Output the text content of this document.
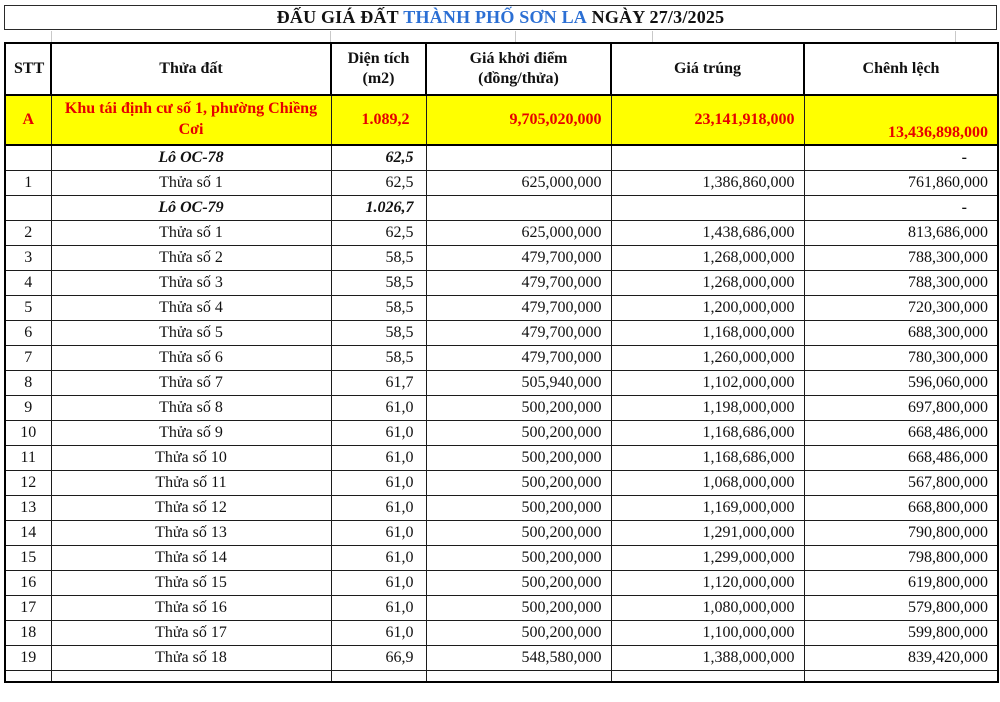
ĐẤU GIÁ ĐẤT THÀNH PHỐ SƠN LA NGÀY 27/3/2025
STT	Thửa đất	Diện tích (m2)	Giá khởi điểm (đồng/thửa)	Giá trúng	Chênh lệch
A	Khu tái định cư số 1, phường Chiềng Cơi	1.089,2	9,705,020,000	23,141,918,000	13,436,898,000
	Lô OC-78	62,5			-
1	Thửa số 1	62,5	625,000,000	1,386,860,000	761,860,000
	Lô OC-79	1.026,7			-
2	Thửa số 1	62,5	625,000,000	1,438,686,000	813,686,000
3	Thửa số 2	58,5	479,700,000	1,268,000,000	788,300,000
4	Thửa số 3	58,5	479,700,000	1,268,000,000	788,300,000
5	Thửa số 4	58,5	479,700,000	1,200,000,000	720,300,000
6	Thửa số 5	58,5	479,700,000	1,168,000,000	688,300,000
7	Thửa số 6	58,5	479,700,000	1,260,000,000	780,300,000
8	Thửa số 7	61,7	505,940,000	1,102,000,000	596,060,000
9	Thửa số 8	61,0	500,200,000	1,198,000,000	697,800,000
10	Thửa số 9	61,0	500,200,000	1,168,686,000	668,486,000
11	Thửa số 10	61,0	500,200,000	1,168,686,000	668,486,000
12	Thửa số 11	61,0	500,200,000	1,068,000,000	567,800,000
13	Thửa số 12	61,0	500,200,000	1,169,000,000	668,800,000
14	Thửa số 13	61,0	500,200,000	1,291,000,000	790,800,000
15	Thửa số 14	61,0	500,200,000	1,299,000,000	798,800,000
16	Thửa số 15	61,0	500,200,000	1,120,000,000	619,800,000
17	Thửa số 16	61,0	500,200,000	1,080,000,000	579,800,000
18	Thửa số 17	61,0	500,200,000	1,100,000,000	599,800,000
19	Thửa số 18	66,9	548,580,000	1,388,000,000	839,420,000
